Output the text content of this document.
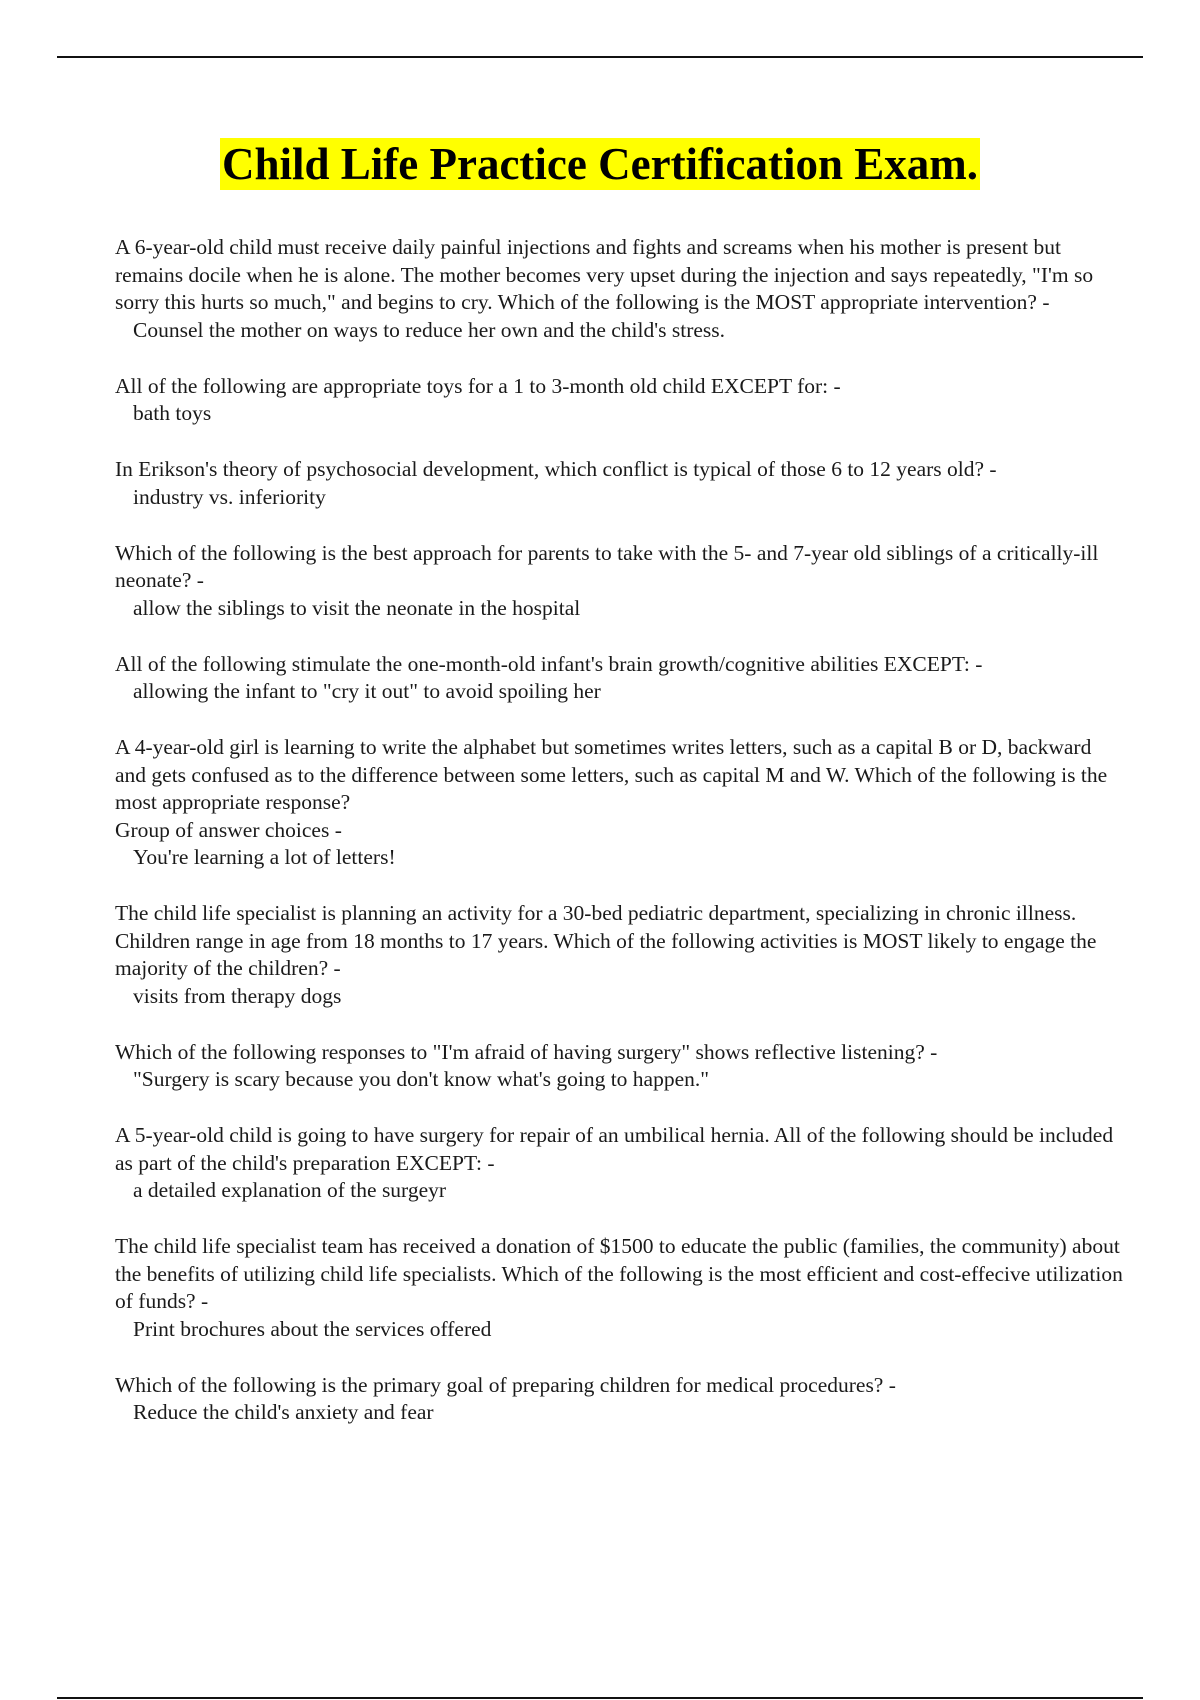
Child Life Practice Certification Exam.

A 6-year-old child must receive daily painful injections and fights and screams when his mother is present but remains docile when he is alone. The mother becomes very upset during the injection and says repeatedly, "I'm so sorry this hurts so much," and begins to cry. Which of the following is the MOST appropriate intervention? -

Counsel the mother on ways to reduce her own and the child's stress.

All of the following are appropriate toys for a 1 to 3-month old child EXCEPT for: -

bath toys

In Erikson's theory of psychosocial development, which conflict is typical of those 6 to 12 years old? -

industry vs. inferiority

Which of the following is the best approach for parents to take with the 5- and 7-year old siblings of a critically-ill neonate? -

allow the siblings to visit the neonate in the hospital

All of the following stimulate the one-month-old infant's brain growth/cognitive abilities EXCEPT: -

allowing the infant to "cry it out" to avoid spoiling her

A 4-year-old girl is learning to write the alphabet but sometimes writes letters, such as a capital B or D, backward and gets confused as to the difference between some letters, such as capital M and W. Which of the following is the most appropriate response?
Group of answer choices -

You're learning a lot of letters!

The child life specialist is planning an activity for a 30-bed pediatric department, specializing in chronic illness. Children range in age from 18 months to 17 years. Which of the following activities is MOST likely to engage the majority of the children? -

visits from therapy dogs

Which of the following responses to "I'm afraid of having surgery" shows reflective listening? -

"Surgery is scary because you don't know what's going to happen."

A 5-year-old child is going to have surgery for repair of an umbilical hernia. All of the following should be included as part of the child's preparation EXCEPT: -

a detailed explanation of the surgeyr

The child life specialist team has received a donation of $1500 to educate the public (families, the community) about the benefits of utilizing child life specialists. Which of the following is the most efficient and cost-effecive utilization of funds? -

Print brochures about the services offered

Which of the following is the primary goal of preparing children for medical procedures? -

Reduce the child's anxiety and fear
